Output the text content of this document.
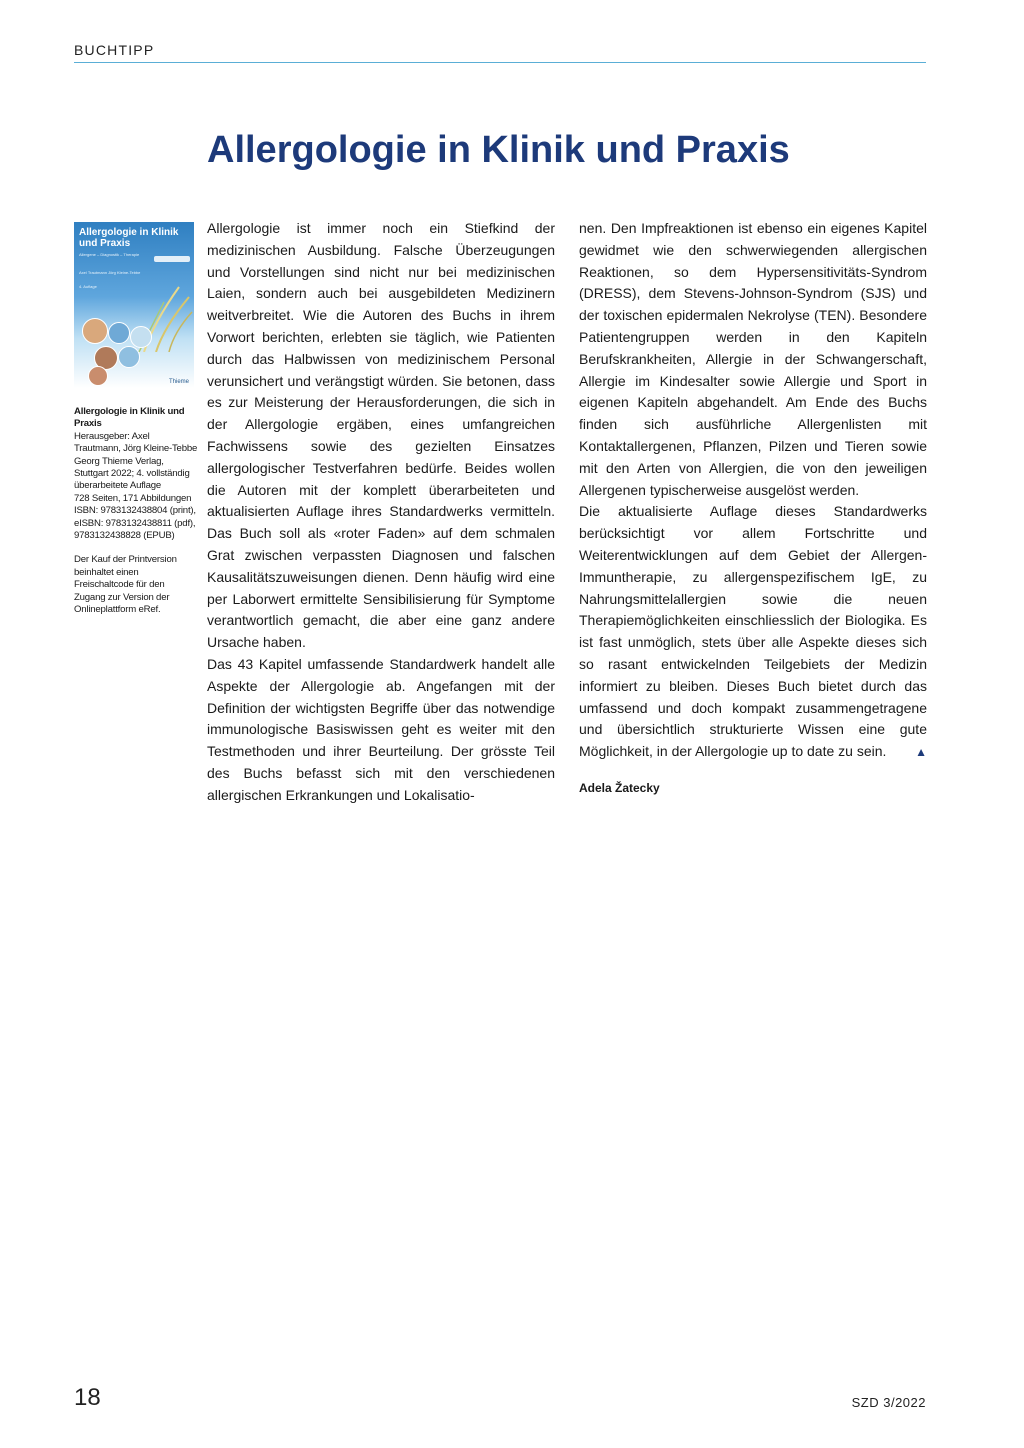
BUCHTIPP
Allergologie in Klinik und Praxis
Allergologie in Klinik und Praxis
Allergene – Diagnostik – Therapie
Axel Trautmann Jörg Kleine-Tebbe
4. Auflage
Thieme
Allergologie in Klinik und Praxis
Herausgeber: Axel Trautmann, Jörg Kleine-Tebbe
Georg Thieme Verlag, Stuttgart 2022; 4. vollständig überarbeitete Auflage
728 Seiten, 171 Abbildungen
ISBN: 9783132438804 (print),
eISBN: 9783132438811 (pdf), 9783132438828 (EPUB)
Der Kauf der Printversion beinhaltet einen Freischaltcode für den Zugang zur Version der Onlineplattform eRef.

Allergologie ist immer noch ein Stiefkind der medizinischen Ausbildung. Falsche Überzeugungen und Vorstellungen sind nicht nur bei medizinischen Laien, sondern auch bei ausgebildeten Medizinern weitverbreitet. Wie die Autoren des Buchs in ihrem Vorwort berichten, erlebten sie täglich, wie Patienten durch das Halbwissen von medizinischem Personal verunsichert und verängstigt würden. Sie betonen, dass es zur Meisterung der Herausforderungen, die sich in der Allergologie ergäben, eines umfangreichen Fachwissens sowie des gezielten Einsatzes allergologischer Testverfahren bedürfe. Beides wollen die Autoren mit der komplett überarbeiteten und aktualisierten Auflage ihres Standardwerks vermitteln. Das Buch soll als «roter Faden» auf dem schmalen Grat zwischen verpassten Diagnosen und falschen Kausalitätszuweisungen dienen. Denn häufig wird eine per Laborwert ermittelte Sensibilisierung für Symptome verantwortlich gemacht, die aber eine ganz andere Ursache haben.

Das 43 Kapitel umfassende Standardwerk handelt alle Aspekte der Allergologie ab. Angefangen mit der Definition der wichtigsten Begriffe über das notwendige immunologische Basiswissen geht es weiter mit den Testmethoden und ihrer Beurteilung. Der grösste Teil des Buchs befasst sich mit den verschiedenen allergischen Erkrankungen und Lokalisatio-

nen. Den Impfreaktionen ist ebenso ein eigenes Kapitel gewidmet wie den schwerwiegenden allergischen Reaktionen, so dem Hypersensitivitäts-Syndrom (DRESS), dem Stevens-Johnson-Syndrom (SJS) und der toxischen epidermalen Nekrolyse (TEN). Besondere Patientengruppen werden in den Kapiteln Berufskrankheiten, Allergie in der Schwangerschaft, Allergie im Kindesalter sowie Allergie und Sport in eigenen Kapiteln abgehandelt. Am Ende des Buchs finden sich ausführliche Allergenlisten mit Kontaktallergenen, Pflanzen, Pilzen und Tieren sowie mit den Arten von Allergien, die von den jeweiligen Allergenen typischerweise ausgelöst werden.

Die aktualisierte Auflage dieses Standardwerks berücksichtigt vor allem Fortschritte und Weiterentwicklungen auf dem Gebiet der Allergen-Immuntherapie, zu allergenspezifischem IgE, zu Nahrungsmittelallergien sowie die neuen Therapiemöglichkeiten einschliesslich der Biologika. Es ist fast unmöglich, stets über alle Aspekte dieses sich so rasant entwickelnden Teilgebiets der Medizin informiert zu bleiben. Dieses Buch bietet durch das umfassend und doch kompakt zusammengetragene und übersichtlich strukturierte Wissen eine gute Möglichkeit, in der Allergologie up to date zu sein. ▲

Adela Žatecky
18	SZD 3/2022
